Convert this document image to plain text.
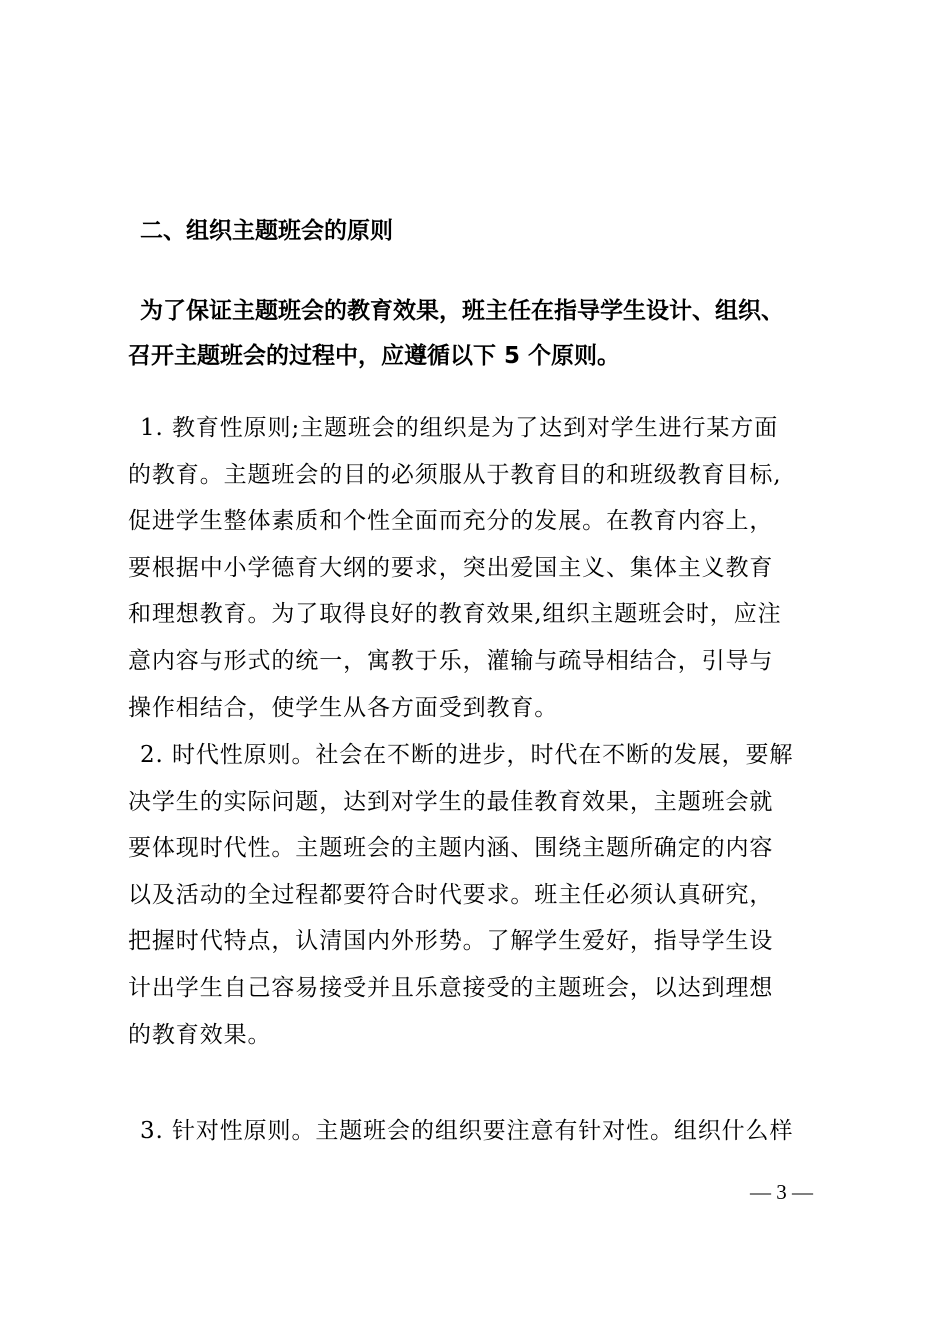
二、组织主题班会的原则
为了保证主题班会的教育效果，班主任在指导学生设计、组织、
召开主题班会的过程中，应遵循以下 5 个原则。
1. 教育性原则;主题班会的组织是为了达到对学生进行某方面
的教育。主题班会的目的必须服从于教育目的和班级教育目标,
促进学生整体素质和个性全面而充分的发展。在教育内容上，
要根据中小学德育大纲的要求，突出爱国主义、集体主义教育
和理想教育。为了取得良好的教育效果,组织主题班会时，应注
意内容与形式的统一，寓教于乐，灌输与疏导相结合，引导与
操作相结合，使学生从各方面受到教育。
2. 时代性原则。社会在不断的进步，时代在不断的发展，要解
决学生的实际问题，达到对学生的最佳教育效果，主题班会就
要体现时代性。主题班会的主题内涵、围绕主题所确定的内容
以及活动的全过程都要符合时代要求。班主任必须认真研究，
把握时代特点，认清国内外形势。了解学生爱好，指导学生设
计出学生自己容易接受并且乐意接受的主题班会，以达到理想
的教育效果。
3. 针对性原则。主题班会的组织要注意有针对性。组织什么样
— 3 —
